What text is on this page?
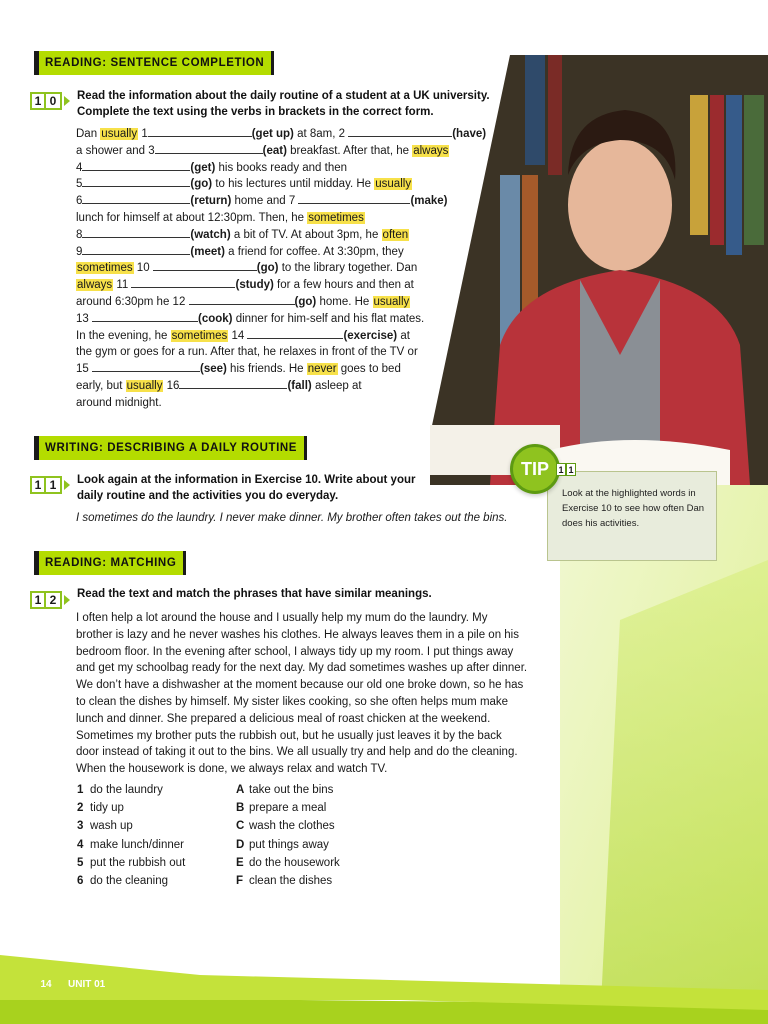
READING: SENTENCE COMPLETION
1 0	Read the information about the daily routine of a student at a UK university.
Complete the text using the verbs in brackets in the correct form.
Dan usually 1	(get up) at 8am, 2	(have)
a shower and 3	(eat) breakfast. After that, he always
4	(get) his books ready and then
5	(go) to his lectures until midday. He usually
6	(return) home and 7	(make)
lunch for himself at about 12:30pm. Then, he sometimes
8	(watch) a bit of TV. At about 3pm, he often
9	(meet) a friend for coffee. At 3:30pm, they
sometimes 10	(go) to the library together. Dan
always 11	(study) for a few hours and then at
around 6:30pm he 12	(go) home. He usually
13	(cook) dinner for him-self and his flat mates.
In the evening, he sometimes 14	(exercise) at
the gym or goes for a run. After that, he relaxes in front of the TV or
15	(see) his friends. He never goes to bed
early, but usually 16	(fall) asleep at
around midnight.
WRITING: DESCRIBING A DAILY ROUTINE
1 1	Look again at the information in Exercise 10. Write about your
daily routine and the activities you do everyday.
I sometimes do the laundry. I never make dinner. My brother often takes out the bins.
Look at the highlighted words in Exercise 10 to see how often Dan does his activities.
TIP 1 1
READING: MATCHING
1 2	Read the text and match the phrases that have similar meanings.
I often help a lot around the house and I usually help my mum do the laundry. My
brother is lazy and he never washes his clothes. He always leaves them in a pile on his
bedroom floor. In the evening after school, I always tidy up my room. I put things away
and get my schoolbag ready for the next day. My dad sometimes washes up after dinner.
We don’t have a dishwasher at the moment because our old one broke down, so he has
to clean the dishes by himself. My sister likes cooking, so she often helps mum make
lunch and dinner. She prepared a delicious meal of roast chicken at the weekend.
Sometimes my brother puts the rubbish out, but he usually just leaves it by the back
door instead of taking it out to the bins. We all usually try and help and do the cleaning.
When the housework is done, we always relax and watch TV.
1 do the laundry
2 tidy up
3 wash up
4 make lunch/dinner
5 put the rubbish out
6 do the cleaning
A take out the bins
B prepare a meal
C wash the clothes
D put things away
E do the housework
F clean the dishes
14	UNIT 01
